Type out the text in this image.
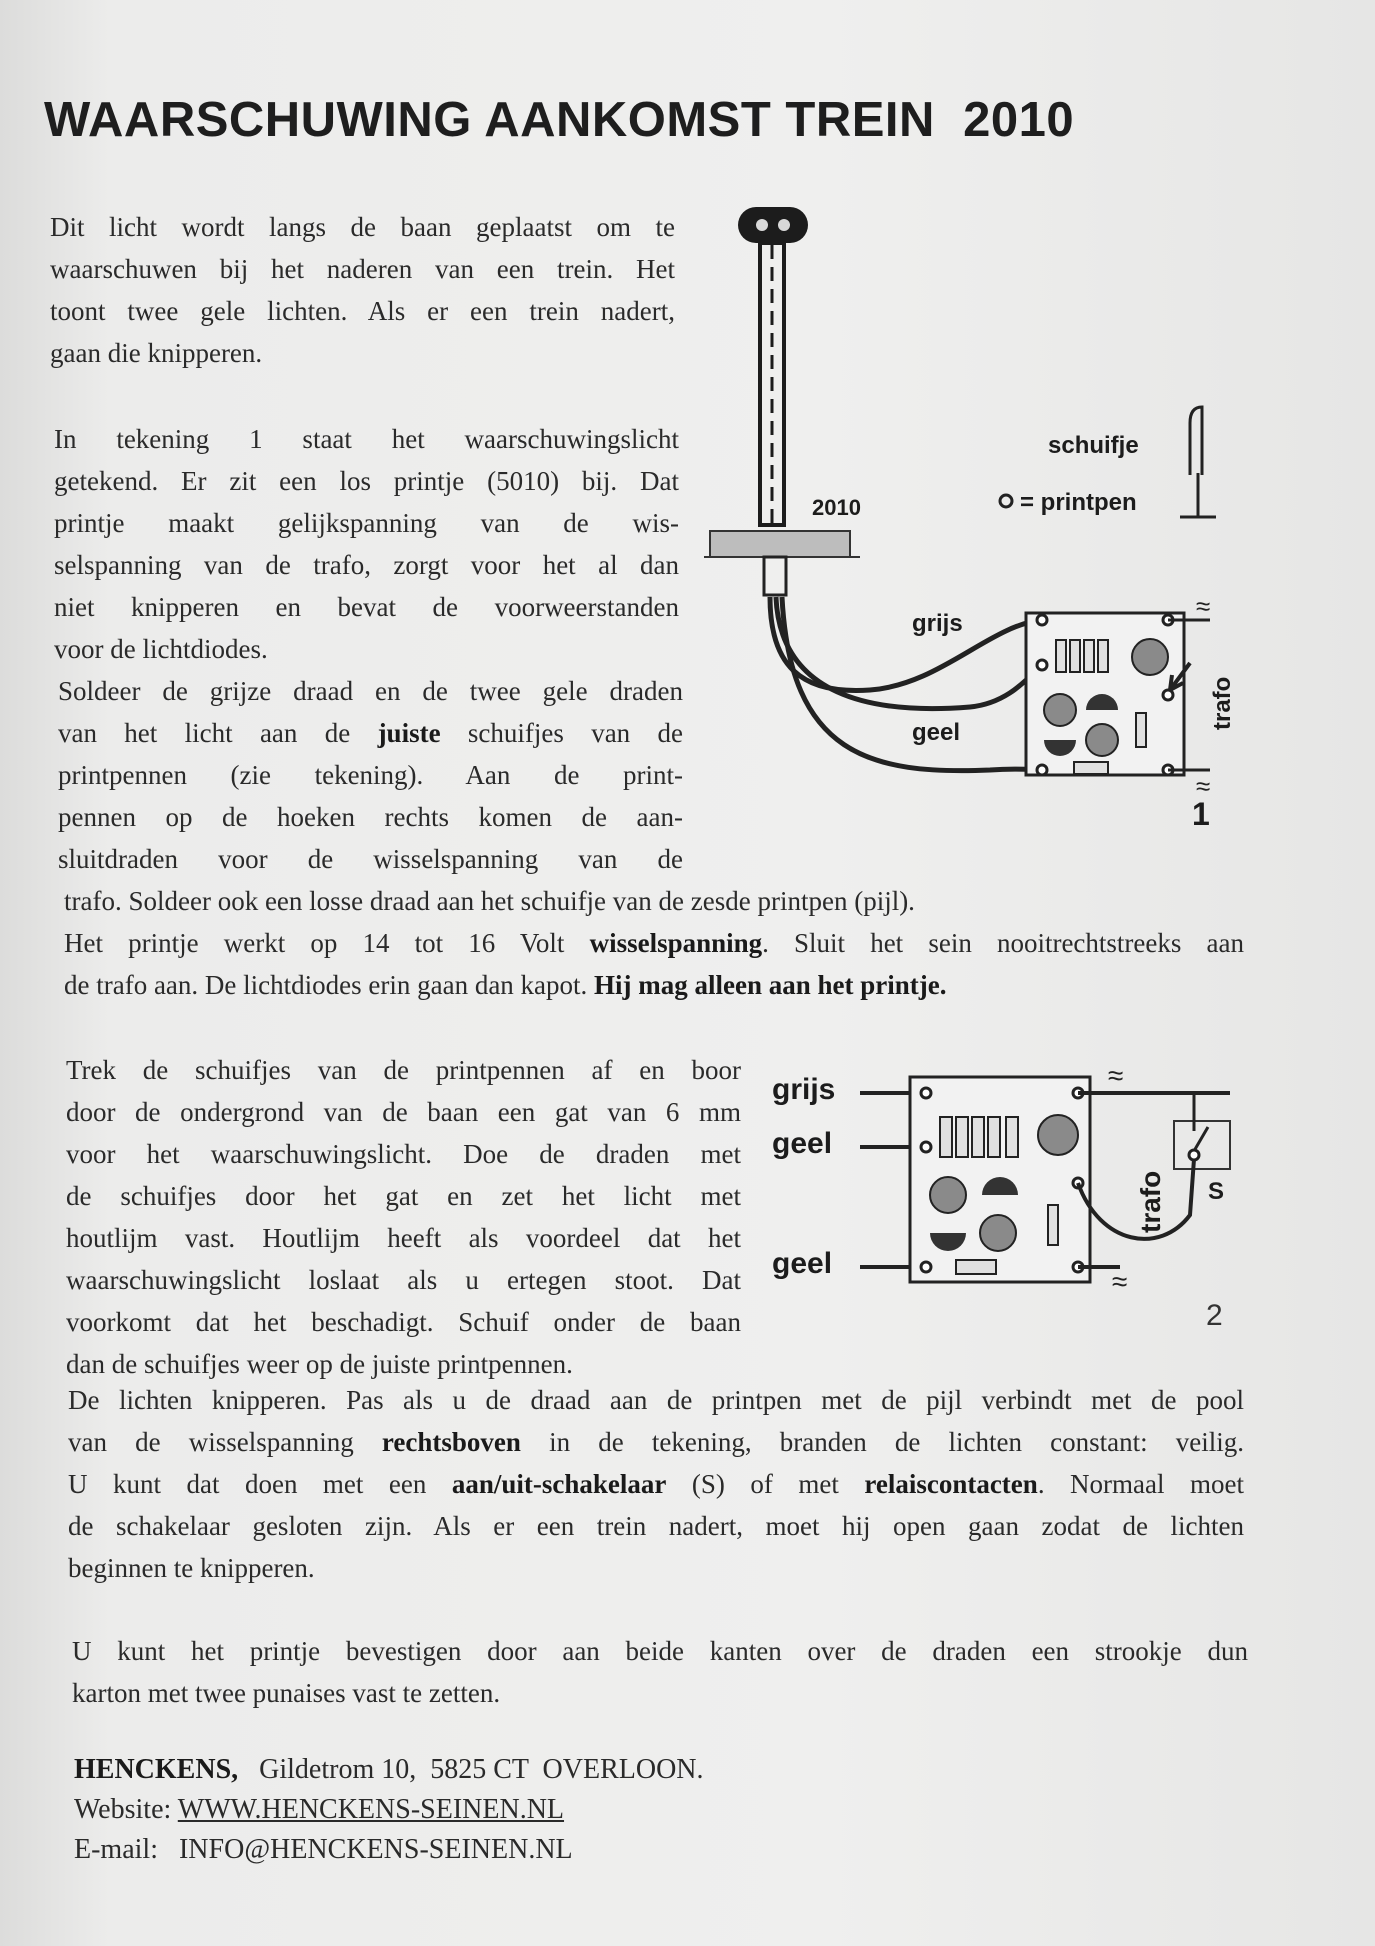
WAARSCHUWING AANKOMST TREIN  2010
Dit licht wordt langs de baan geplaatst om te
waarschuwen bij het naderen van een trein. Het
toont twee gele lichten. Als er een trein nadert,
gaan die knipperen.
In tekening 1 staat het waarschuwingslicht
getekend. Er zit een los printje (5010) bij. Dat
printje maakt gelijkspanning van de wis-
selspanning van de trafo, zorgt voor het al dan
niet knipperen en bevat de voorweerstanden
voor de lichtdiodes.
Soldeer de grijze draad en de twee gele draden
van het licht aan de juiste schuifjes van de
printpennen (zie tekening). Aan de print-
pennen op de hoeken rechts komen de aan-
sluitdraden voor de wisselspanning van de
trafo. Soldeer ook een losse draad aan het schuifje van de zesde printpen (pijl).
Het printje werkt op 14 tot 16 Volt wisselspanning. Sluit het sein nooitrechtstreeks aan
de trafo aan. De lichtdiodes erin gaan dan kapot. Hij mag alleen aan het printje.
Trek de schuifjes van de printpennen af en boor
door de ondergrond van de baan een gat van 6 mm
voor het waarschuwingslicht. Doe de draden met
de schuifjes door het gat en zet het licht met
houtlijm vast. Houtlijm heeft als voordeel dat het
waarschuwingslicht loslaat als u ertegen stoot. Dat
voorkomt dat het beschadigt. Schuif onder de baan
dan de schuifjes weer op de juiste printpennen.
De lichten knipperen. Pas als u de draad aan de printpen met de pijl verbindt met de pool
van de wisselspanning rechtsboven in de tekening, branden de lichten constant: veilig.
U kunt dat doen met een aan/uit-schakelaar (S) of met relaiscontacten. Normaal moet
de schakelaar gesloten zijn. Als er een trein nadert, moet hij open gaan zodat de lichten
beginnen te knipperen.
U kunt het printje bevestigen door aan beide kanten over de draden een strookje dun
karton met twee punaises vast te zetten.
HENCKENS, Gildetrom 10,  5825 CT  OVERLOON.
Website: WWW.HENCKENS-SEINEN.NL
E-mail: INFO@HENCKENS-SEINEN.NL
2010
schuifje
= printpen
grijs
geel
≈
≈
trafo
1
grijs
geel
geel
≈
≈
trafo S
2
